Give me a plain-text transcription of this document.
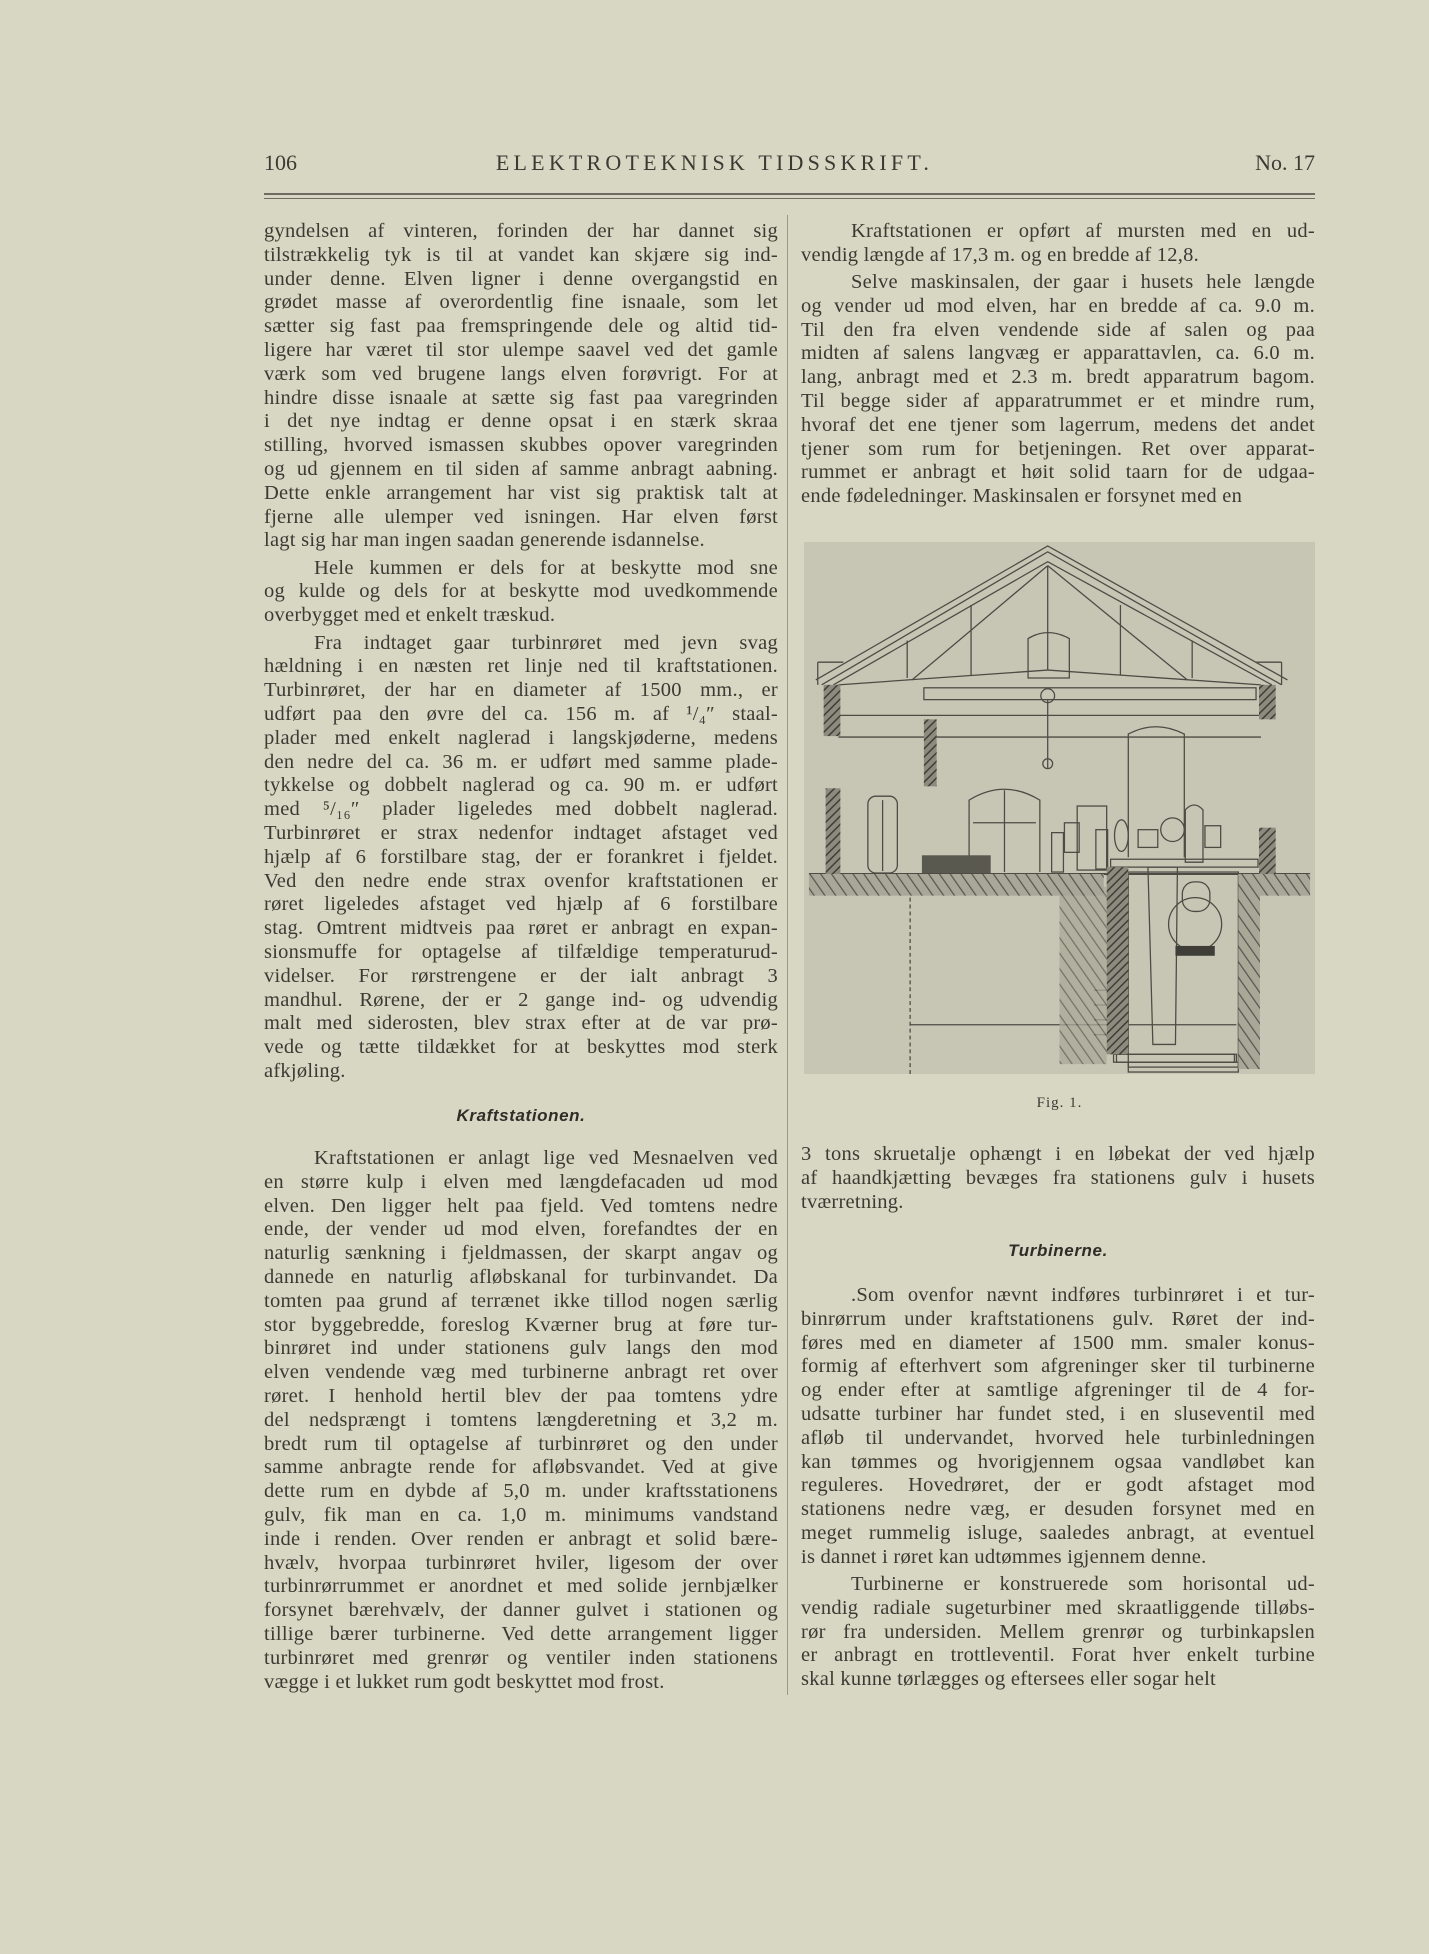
106	ELEKTROTEKNISK TIDSSKRIFT.	No. 17
gyndelsen af vinteren, forinden der har dannet sig
tilstrækkelig tyk is til at vandet kan skjære sig ind-
under denne. Elven ligner i denne overgangstid en
grødet masse af overordentlig fine isnaale, som let
sætter sig fast paa fremspringende dele og altid tid-
ligere har været til stor ulempe saavel ved det gamle
værk som ved brugene langs elven forøvrigt. For at
hindre disse isnaale at sætte sig fast paa varegrinden
i det nye indtag er denne opsat i en stærk skraa
stilling, hvorved ismassen skubbes opover varegrinden
og ud gjennem en til siden af samme anbragt aabning.
Dette enkle arrangement har vist sig praktisk talt at
fjerne alle ulemper ved isningen. Har elven først
lagt sig har man ingen saadan generende isdannelse.
Hele kummen er dels for at beskytte mod sne
og kulde og dels for at beskytte mod uvedkommende
overbygget med et enkelt træskud.
Fra indtaget gaar turbinrøret med jevn svag
hældning i en næsten ret linje ned til kraftstationen.
Turbinrøret, der har en diameter af 1500 mm., er
udført paa den øvre del ca. 156 m. af ¹/₄″ staal-
plader med enkelt naglerad i langskjøderne, medens
den nedre del ca. 36 m. er udført med samme plade-
tykkelse og dobbelt naglerad og ca. 90 m. er udført
med ⁵/₁₆″ plader ligeledes med dobbelt naglerad.
Turbinrøret er strax nedenfor indtaget afstaget ved
hjælp af 6 forstilbare stag, der er forankret i fjeldet.
Ved den nedre ende strax ovenfor kraftstationen er
røret ligeledes afstaget ved hjælp af 6 forstilbare
stag. Omtrent midtveis paa røret er anbragt en expan-
sionsmuffe for optagelse af tilfældige temperaturud-
videlser. For rørstrengene er der ialt anbragt 3
mandhul. Rørene, der er 2 gange ind- og udvendig
malt med siderosten, blev strax efter at de var prø-
vede og tætte tildækket for at beskyttes mod sterk
afkjøling.
Kraftstationen.
Kraftstationen er anlagt lige ved Mesnaelven ved
en større kulp i elven med længdefacaden ud mod
elven. Den ligger helt paa fjeld. Ved tomtens nedre
ende, der vender ud mod elven, forefandtes der en
naturlig sænkning i fjeldmassen, der skarpt angav og
dannede en naturlig afløbskanal for turbinvandet. Da
tomten paa grund af terrænet ikke tillod nogen særlig
stor byggebredde, foreslog Kværner brug at føre tur-
binrøret ind under stationens gulv langs den mod
elven vendende væg med turbinerne anbragt ret over
røret. I henhold hertil blev der paa tomtens ydre
del nedsprængt i tomtens længderetning et 3,2 m.
bredt rum til optagelse af turbinrøret og den under
samme anbragte rende for afløbsvandet. Ved at give
dette rum en dybde af 5,0 m. under kraftsstationens
gulv, fik man en ca. 1,0 m. minimums vandstand
inde i renden. Over renden er anbragt et solid bære-
hvælv, hvorpaa turbinrøret hviler, ligesom der over
turbinrørrummet er anordnet et med solide jernbjælker
forsynet bærehvælv, der danner gulvet i stationen og
tillige bærer turbinerne. Ved dette arrangement ligger
turbinrøret med grenrør og ventiler inden stationens
vægge i et lukket rum godt beskyttet mod frost.
Kraftstationen er opført af mursten med en ud-
vendig længde af 17,3 m. og en bredde af 12,8.
Selve maskinsalen, der gaar i husets hele længde
og vender ud mod elven, har en bredde af ca. 9.0 m.
Til den fra elven vendende side af salen og paa
midten af salens langvæg er apparattavlen, ca. 6.0 m.
lang, anbragt med et 2.3 m. bredt apparatrum bagom.
Til begge sider af apparatrummet er et mindre rum,
hvoraf det ene tjener som lagerrum, medens det andet
tjener som rum for betjeningen. Ret over apparat-
rummet er anbragt et høit solid taarn for de udgaa-
ende fødeledninger. Maskinsalen er forsynet med en
Fig. 1.
3 tons skruetalje ophængt i en løbekat der ved hjælp
af haandkjætting bevæges fra stationens gulv i husets
tværretning.
Turbinerne.
.Som ovenfor nævnt indføres turbinrøret i et tur-
binrørrum under kraftstationens gulv. Røret der ind-
føres med en diameter af 1500 mm. smaler konus-
formig af efterhvert som afgreninger sker til turbinerne
og ender efter at samtlige afgreninger til de 4 for-
udsatte turbiner har fundet sted, i en sluseventil med
afløb til undervandet, hvorved hele turbinledningen
kan tømmes og hvorigjennem ogsaa vandløbet kan
reguleres. Hovedrøret, der er godt afstaget mod
stationens nedre væg, er desuden forsynet med en
meget rummelig isluge, saaledes anbragt, at eventuel
is dannet i røret kan udtømmes igjennem denne.
Turbinerne er konstruerede som horisontal ud-
vendig radiale sugeturbiner med skraatliggende tilløbs-
rør fra undersiden. Mellem grenrør og turbinkapslen
er anbragt en trottleventil. Forat hver enkelt turbine
skal kunne tørlægges og eftersees eller sogar helt
